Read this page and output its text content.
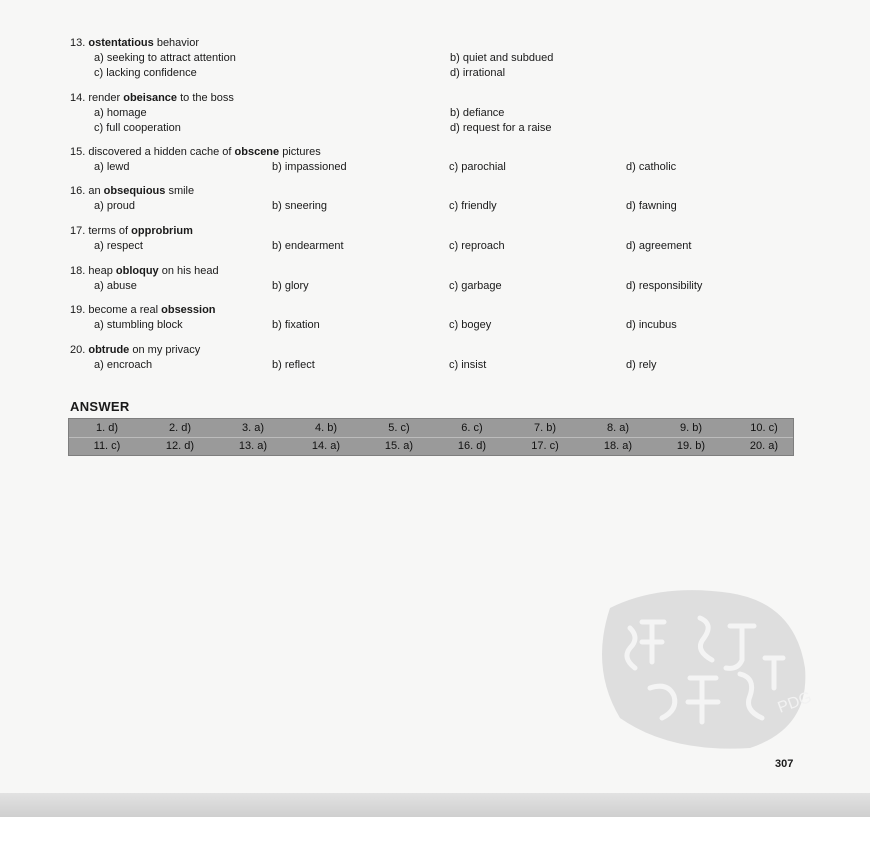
13. ostentatious behavior
a) seeking to attract attention	b) quiet and subdued
c) lacking confidence	d) irrational
14. render obeisance to the boss
a) homage	b) defiance
c) full cooperation	d) request for a raise
15. discovered a hidden cache of obscene pictures
a) lewd	b) impassioned	c) parochial	d) catholic
16. an obsequious smile
a) proud	b) sneering	c) friendly	d) fawning
17. terms of opprobrium
a) respect	b) endearment	c) reproach	d) agreement
18. heap obloquy on his head
a) abuse	b) glory	c) garbage	d) responsibility
19. become a real obsession
a) stumbling block	b) fixation	c) bogey	d) incubus
20. obtrude on my privacy
a) encroach	b) reflect	c) insist	d) rely
ANSWER
1. d)	2. d)	3. a)	4. b)	5. c)	6. c)	7. b)	8. a)	9. b)	10. c)
11. c)	12. d)	13. a)	14. a)	15. a)	16. d)	17. c)	18. a)	19. b)	20. a)
307
PDG
